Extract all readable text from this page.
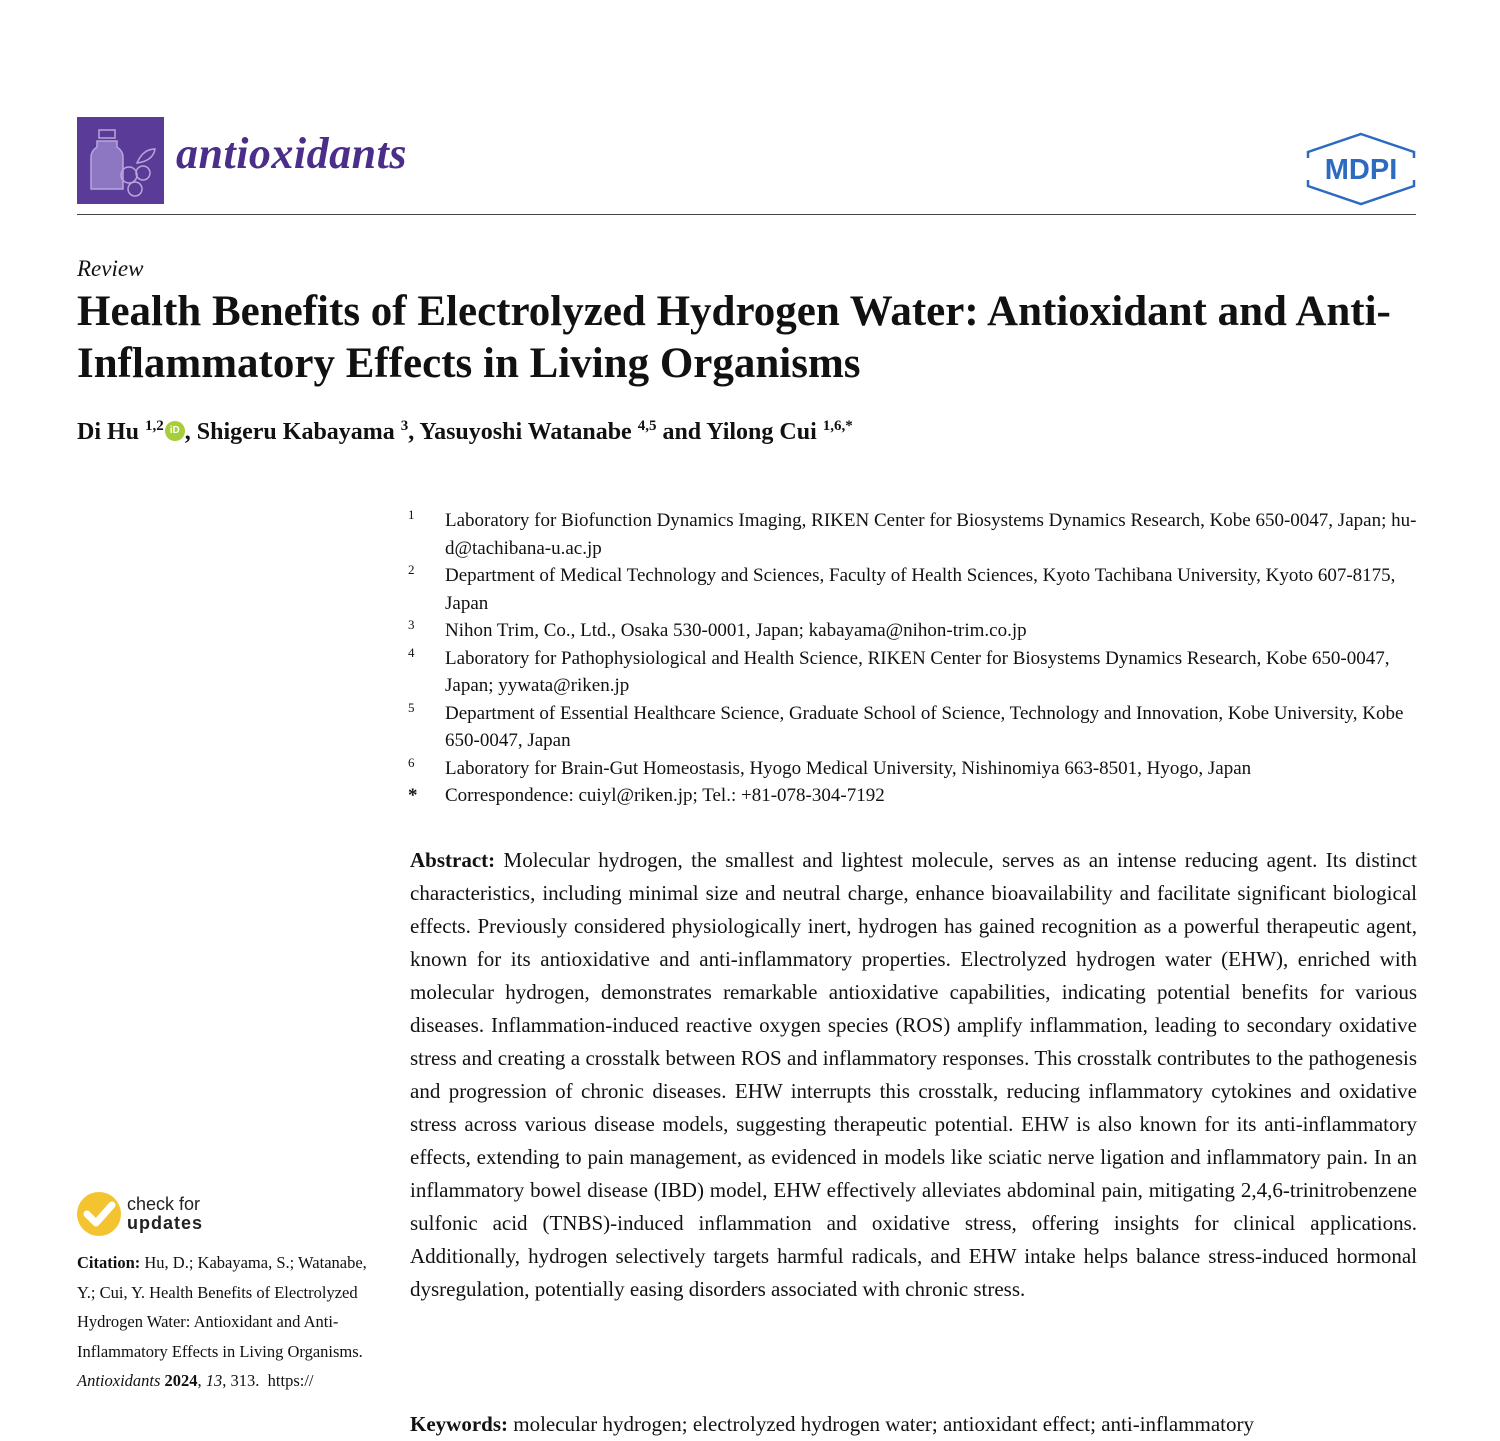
antioxidants	MDPI
Review
Health Benefits of Electrolyzed Hydrogen Water: Antioxidant and Anti-Inflammatory Effects in Living Organisms
Di Hu $^{1,2}$ iD , Shigeru Kabayama $^3$, Yasuyoshi Watanabe $^{4,5}$ and Yilong Cui $^{1,6,*}$
1	Laboratory for Biofunction Dynamics Imaging, RIKEN Center for Biosystems Dynamics Research, Kobe 650-0047, Japan; hu-d@tachibana-u.ac.jp
2	Department of Medical Technology and Sciences, Faculty of Health Sciences, Kyoto Tachibana University, Kyoto 607-8175, Japan
3	Nihon Trim, Co., Ltd., Osaka 530-0001, Japan; kabayama@nihon-trim.co.jp
4	Laboratory for Pathophysiological and Health Science, RIKEN Center for Biosystems Dynamics Research, Kobe 650-0047, Japan; yywata@riken.jp
5	Department of Essential Healthcare Science, Graduate School of Science, Technology and Innovation, Kobe University, Kobe 650-0047, Japan
6	Laboratory for Brain-Gut Homeostasis, Hyogo Medical University, Nishinomiya 663-8501, Hyogo, Japan
*	Correspondence: cuiyl@riken.jp; Tel.: +81-078-304-7192
Abstract: Molecular hydrogen, the smallest and lightest molecule, serves as an intense reducing agent. Its distinct characteristics, including minimal size and neutral charge, enhance bioavailability and facilitate significant biological effects. Previously considered physiologically inert, hydrogen has gained recognition as a powerful therapeutic agent, known for its antioxidative and anti-inflammatory properties. Electrolyzed hydrogen water (EHW), enriched with molecular hydrogen, demonstrates remarkable antioxidative capabilities, indicating potential benefits for various diseases. Inflammation-induced reactive oxygen species (ROS) amplify inflammation, leading to secondary oxidative stress and creating a crosstalk between ROS and inflammatory responses. This crosstalk contributes to the pathogenesis and progression of chronic diseases. EHW interrupts this crosstalk, reducing inflammatory cytokines and oxidative stress across various disease models, suggesting therapeutic potential. EHW is also known for its anti-inflammatory effects, extending to pain management, as evidenced in models like sciatic nerve ligation and inflammatory pain. In an inflammatory bowel disease (IBD) model, EHW effectively alleviates abdominal pain, mitigating 2,4,6-trinitrobenzene sulfonic acid (TNBS)-induced inflammation and oxidative stress, offering insights for clinical applications. Additionally, hydrogen selectively targets harmful radicals, and EHW intake helps balance stress-induced hormonal dysregulation, potentially easing disorders associated with chronic stress.
Keywords: molecular hydrogen; electrolyzed hydrogen water; antioxidant effect; anti-inflammatory
check for
updates
Citation: Hu, D.; Kabayama, S.; Watanabe, Y.; Cui, Y. Health Benefits of Electrolyzed Hydrogen Water: Antioxidant and Anti-Inflammatory Effects in Living Organisms. Antioxidants 2024, 13, 313. https://
